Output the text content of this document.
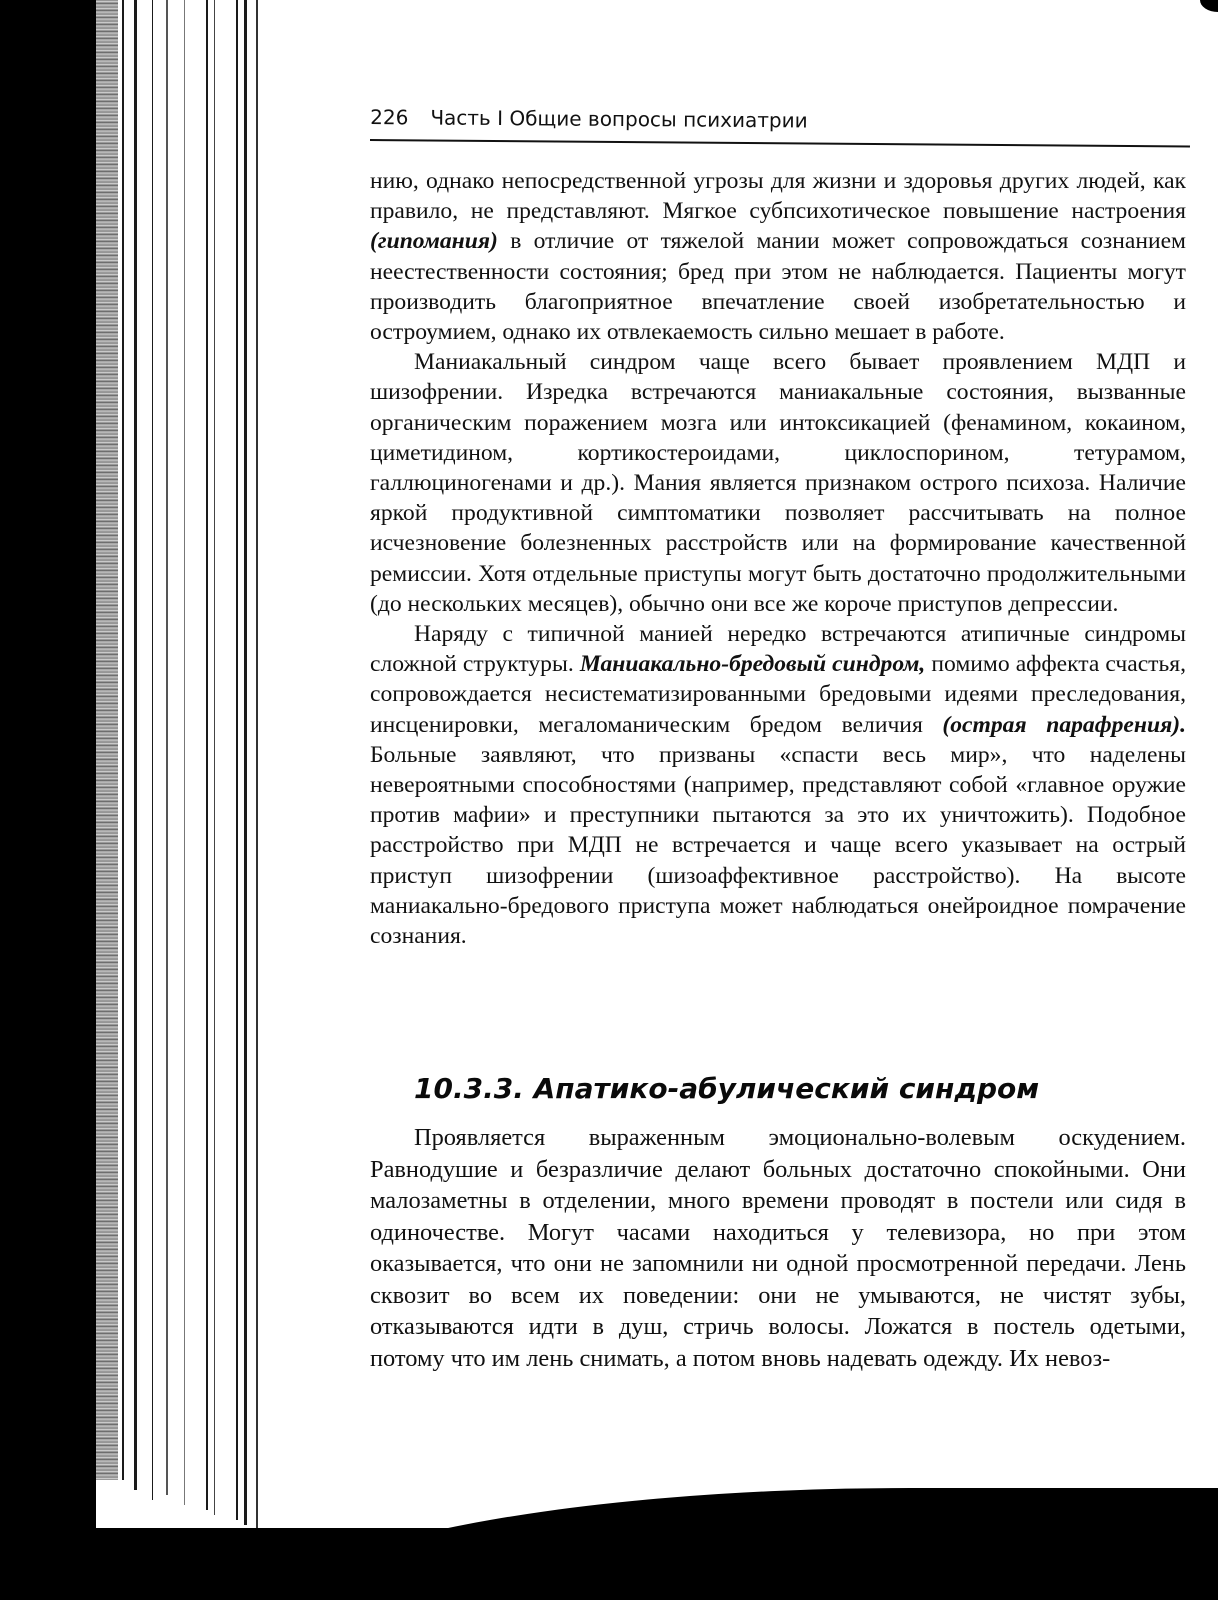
226 Часть I Общие вопросы психиатрии

нию, однако непосредственной угрозы для жизни и здоровья других людей, как правило, не представляют. Мягкое субпсихотическое повышение настроения (гипомания) в отличие от тяжелой мании может сопровождаться сознанием неестественности состояния; бред при этом не наблюдается. Пациенты могут производить благоприятное впечатление своей изобретательностью и остроумием, однако их отвлекаемость сильно мешает в работе.

Маниакальный синдром чаще всего бывает проявлением МДП и шизофрении. Изредка встречаются маниакальные состояния, вызванные органическим поражением мозга или интоксикацией (фенамином, кокаином, циметидином, кортикостероидами, циклоспорином, тетурамом, галлюциногенами и др.). Мания является признаком острого психоза. Наличие яркой продуктивной симптоматики позволяет рассчитывать на полное исчезновение болезненных расстройств или на формирование качественной ремиссии. Хотя отдельные приступы могут быть достаточно продолжительными (до нескольких месяцев), обычно они все же короче приступов депрессии.

Наряду с типичной манией нередко встречаются атипичные синдромы сложной структуры. Маниакально-бредовый синдром, помимо аффекта счастья, сопровождается несистематизированными бредовыми идеями преследования, инсценировки, мегаломаническим бредом величия (острая парафрения). Больные заявляют, что призваны «спасти весь мир», что наделены невероятными способностями (например, представляют собой «главное оружие против мафии» и преступники пытаются за это их уничтожить). Подобное расстройство при МДП не встречается и чаще всего указывает на острый приступ шизофрении (шизоаффективное расстройство). На высоте маниакально-бредового приступа может наблюдаться онейроидное помрачение сознания.

10.3.3. Апатико-абулический синдром

Проявляется выраженным эмоционально-волевым оскудением. Равнодушие и безразличие делают больных достаточно спокойными. Они малозаметны в отделении, много времени проводят в постели или сидя в одиночестве. Могут часами находиться у телевизора, но при этом оказывается, что они не запомнили ни одной просмотренной передачи. Лень сквозит во всем их поведении: они не умываются, не чистят зубы, отказываются идти в душ, стричь волосы. Ложатся в постель одетыми, потому что им лень снимать, а потом вновь надевать одежду. Их невоз-
